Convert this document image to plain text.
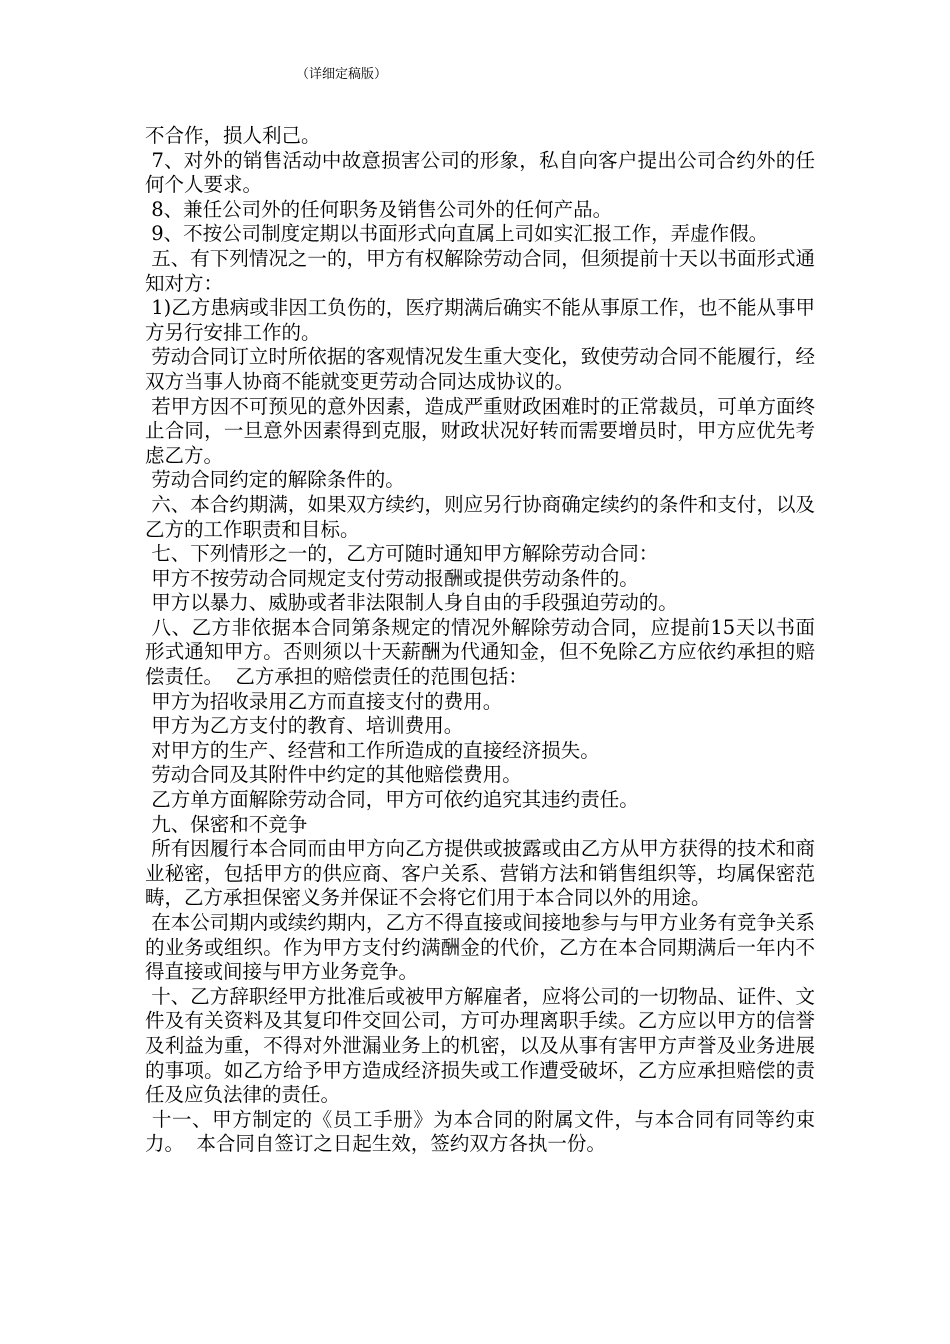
（详细定稿版）

不合作，损人利己。

7、对外的销售活动中故意损害公司的形象，私自向客户提出公司合约外的任何个人要求。

8、兼任公司外的任何职务及销售公司外的任何产品。

9、不按公司制度定期以书面形式向直属上司如实汇报工作，弄虚作假。

五、有下列情况之一的，甲方有权解除劳动合同，但须提前十天以书面形式通知对方：

1)乙方患病或非因工负伤的，医疗期满后确实不能从事原工作，也不能从事甲方另行安排工作的。

劳动合同订立时所依据的客观情况发生重大变化，致使劳动合同不能履行，经双方当事人协商不能就变更劳动合同达成协议的。

若甲方因不可预见的意外因素，造成严重财政困难时的正常裁员，可单方面终止合同，一旦意外因素得到克服，财政状况好转而需要增员时，甲方应优先考虑乙方。

劳动合同约定的解除条件的。

六、本合约期满，如果双方续约，则应另行协商确定续约的条件和支付，以及乙方的工作职责和目标。

七、下列情形之一的，乙方可随时通知甲方解除劳动合同：

甲方不按劳动合同规定支付劳动报酬或提供劳动条件的。

甲方以暴力、威胁或者非法限制人身自由的手段强迫劳动的。

八、乙方非依据本合同第条规定的情况外解除劳动合同，应提前15天以书面形式通知甲方。否则须以十天薪酬为代通知金，但不免除乙方应依约承担的赔偿责任。  乙方承担的赔偿责任的范围包括：

甲方为招收录用乙方而直接支付的费用。

甲方为乙方支付的教育、培训费用。

对甲方的生产、经营和工作所造成的直接经济损失。

劳动合同及其附件中约定的其他赔偿费用。

乙方单方面解除劳动合同，甲方可依约追究其违约责任。

九、保密和不竞争

所有因履行本合同而由甲方向乙方提供或披露或由乙方从甲方获得的技术和商业秘密，包括甲方的供应商、客户关系、营销方法和销售组织等，均属保密范畴，乙方承担保密义务并保证不会将它们用于本合同以外的用途。

在本公司期内或续约期内，乙方不得直接或间接地参与与甲方业务有竞争关系的业务或组织。作为甲方支付约满酬金的代价，乙方在本合同期满后一年内不得直接或间接与甲方业务竞争。

十、乙方辞职经甲方批准后或被甲方解雇者，应将公司的一切物品、证件、文件及有关资料及其复印件交回公司，方可办理离职手续。乙方应以甲方的信誉及利益为重，不得对外泄漏业务上的机密，以及从事有害甲方声誉及业务进展的事项。如乙方给予甲方造成经济损失或工作遭受破坏，乙方应承担赔偿的责任及应负法律的责任。

十一、甲方制定的《员工手册》为本合同的附属文件，与本合同有同等约束力。  本合同自签订之日起生效，签约双方各执一份。
